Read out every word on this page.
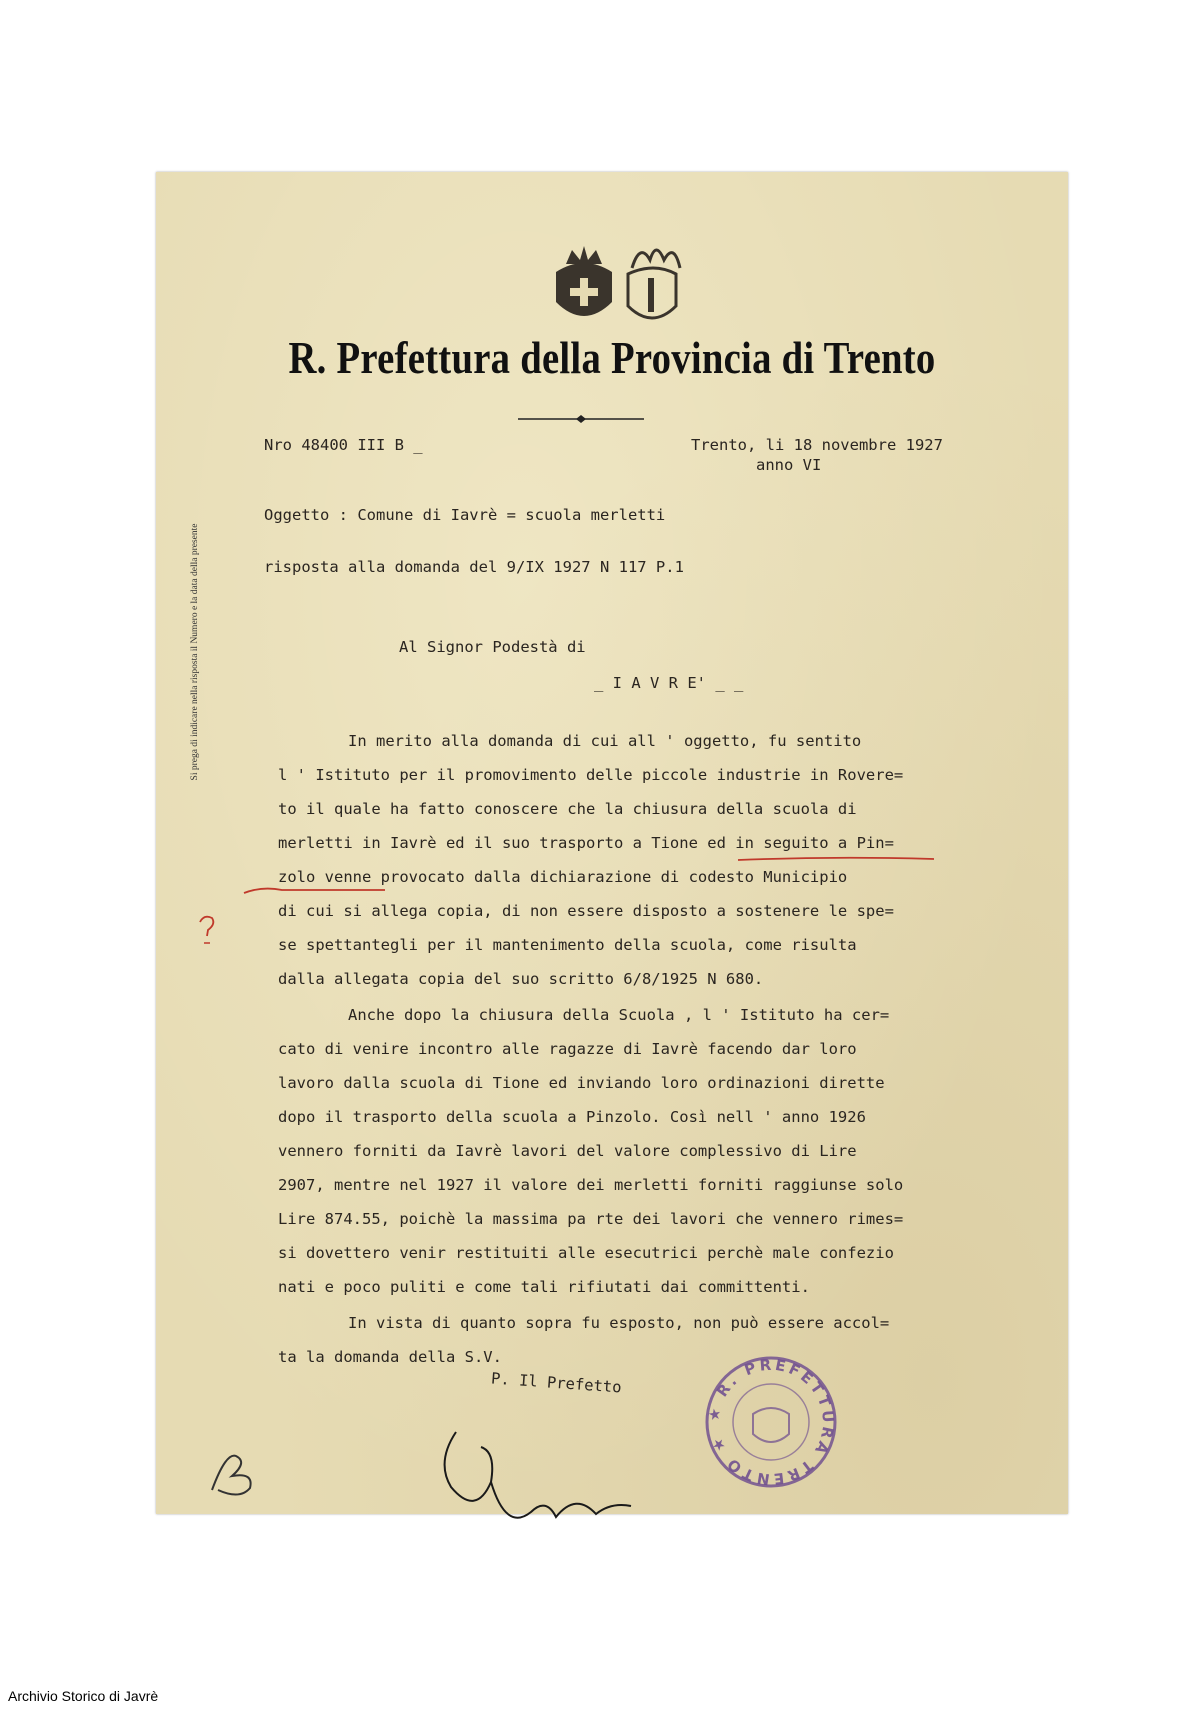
R. Prefettura della Provincia di Trento
Si prega di indicare nella risposta il Numero e la data della presente
Nro 48400 III B _	Trento, li 18 novembre 1927
anno VI
Oggetto : Comune di Iavrè = scuola merletti
risposta alla domanda del 9/IX 1927 N 117 P.1
Al Signor Podestà di
_ I A V R E' _ _
In merito alla domanda di cui all ' oggetto, fu sentito
l ' Istituto per il promovimento delle piccole industrie in Rovere=
to il quale ha fatto conoscere che la chiusura della scuola di
merletti in Iavrè ed il suo trasporto a Tione ed in seguito a Pin=
zolo venne provocato dalla dichiarazione di codesto Municipio
di cui si allega copia, di non essere disposto a sostenere le spe=
se spettantegli per il mantenimento della scuola, come risulta
dalla allegata copia del suo scritto 6/8/1925 N 680.
Anche dopo la chiusura della Scuola , l ' Istituto ha cer=
cato di venire incontro alle ragazze di Iavrè facendo dar loro
lavoro dalla scuola di Tione ed inviando loro ordinazioni dirette
dopo il trasporto della scuola a Pinzolo. Così nell ' anno 1926
vennero forniti da Iavrè lavori del valore complessivo di Lire
2907, mentre nel 1927 il valore dei merletti forniti raggiunse solo
Lire 874.55, poichè la massima pa rte dei lavori che vennero rimes=
si dovettero venir restituiti alle esecutrici perchè male confezio
nati e poco puliti e come tali rifiutati dai committenti.
In vista di quanto sopra fu esposto, non può essere accol=
ta la domanda della S.V.
P. Il Prefetto
★ R. PREFETTURA TRENTO ★
Archivio Storico di Javrè
